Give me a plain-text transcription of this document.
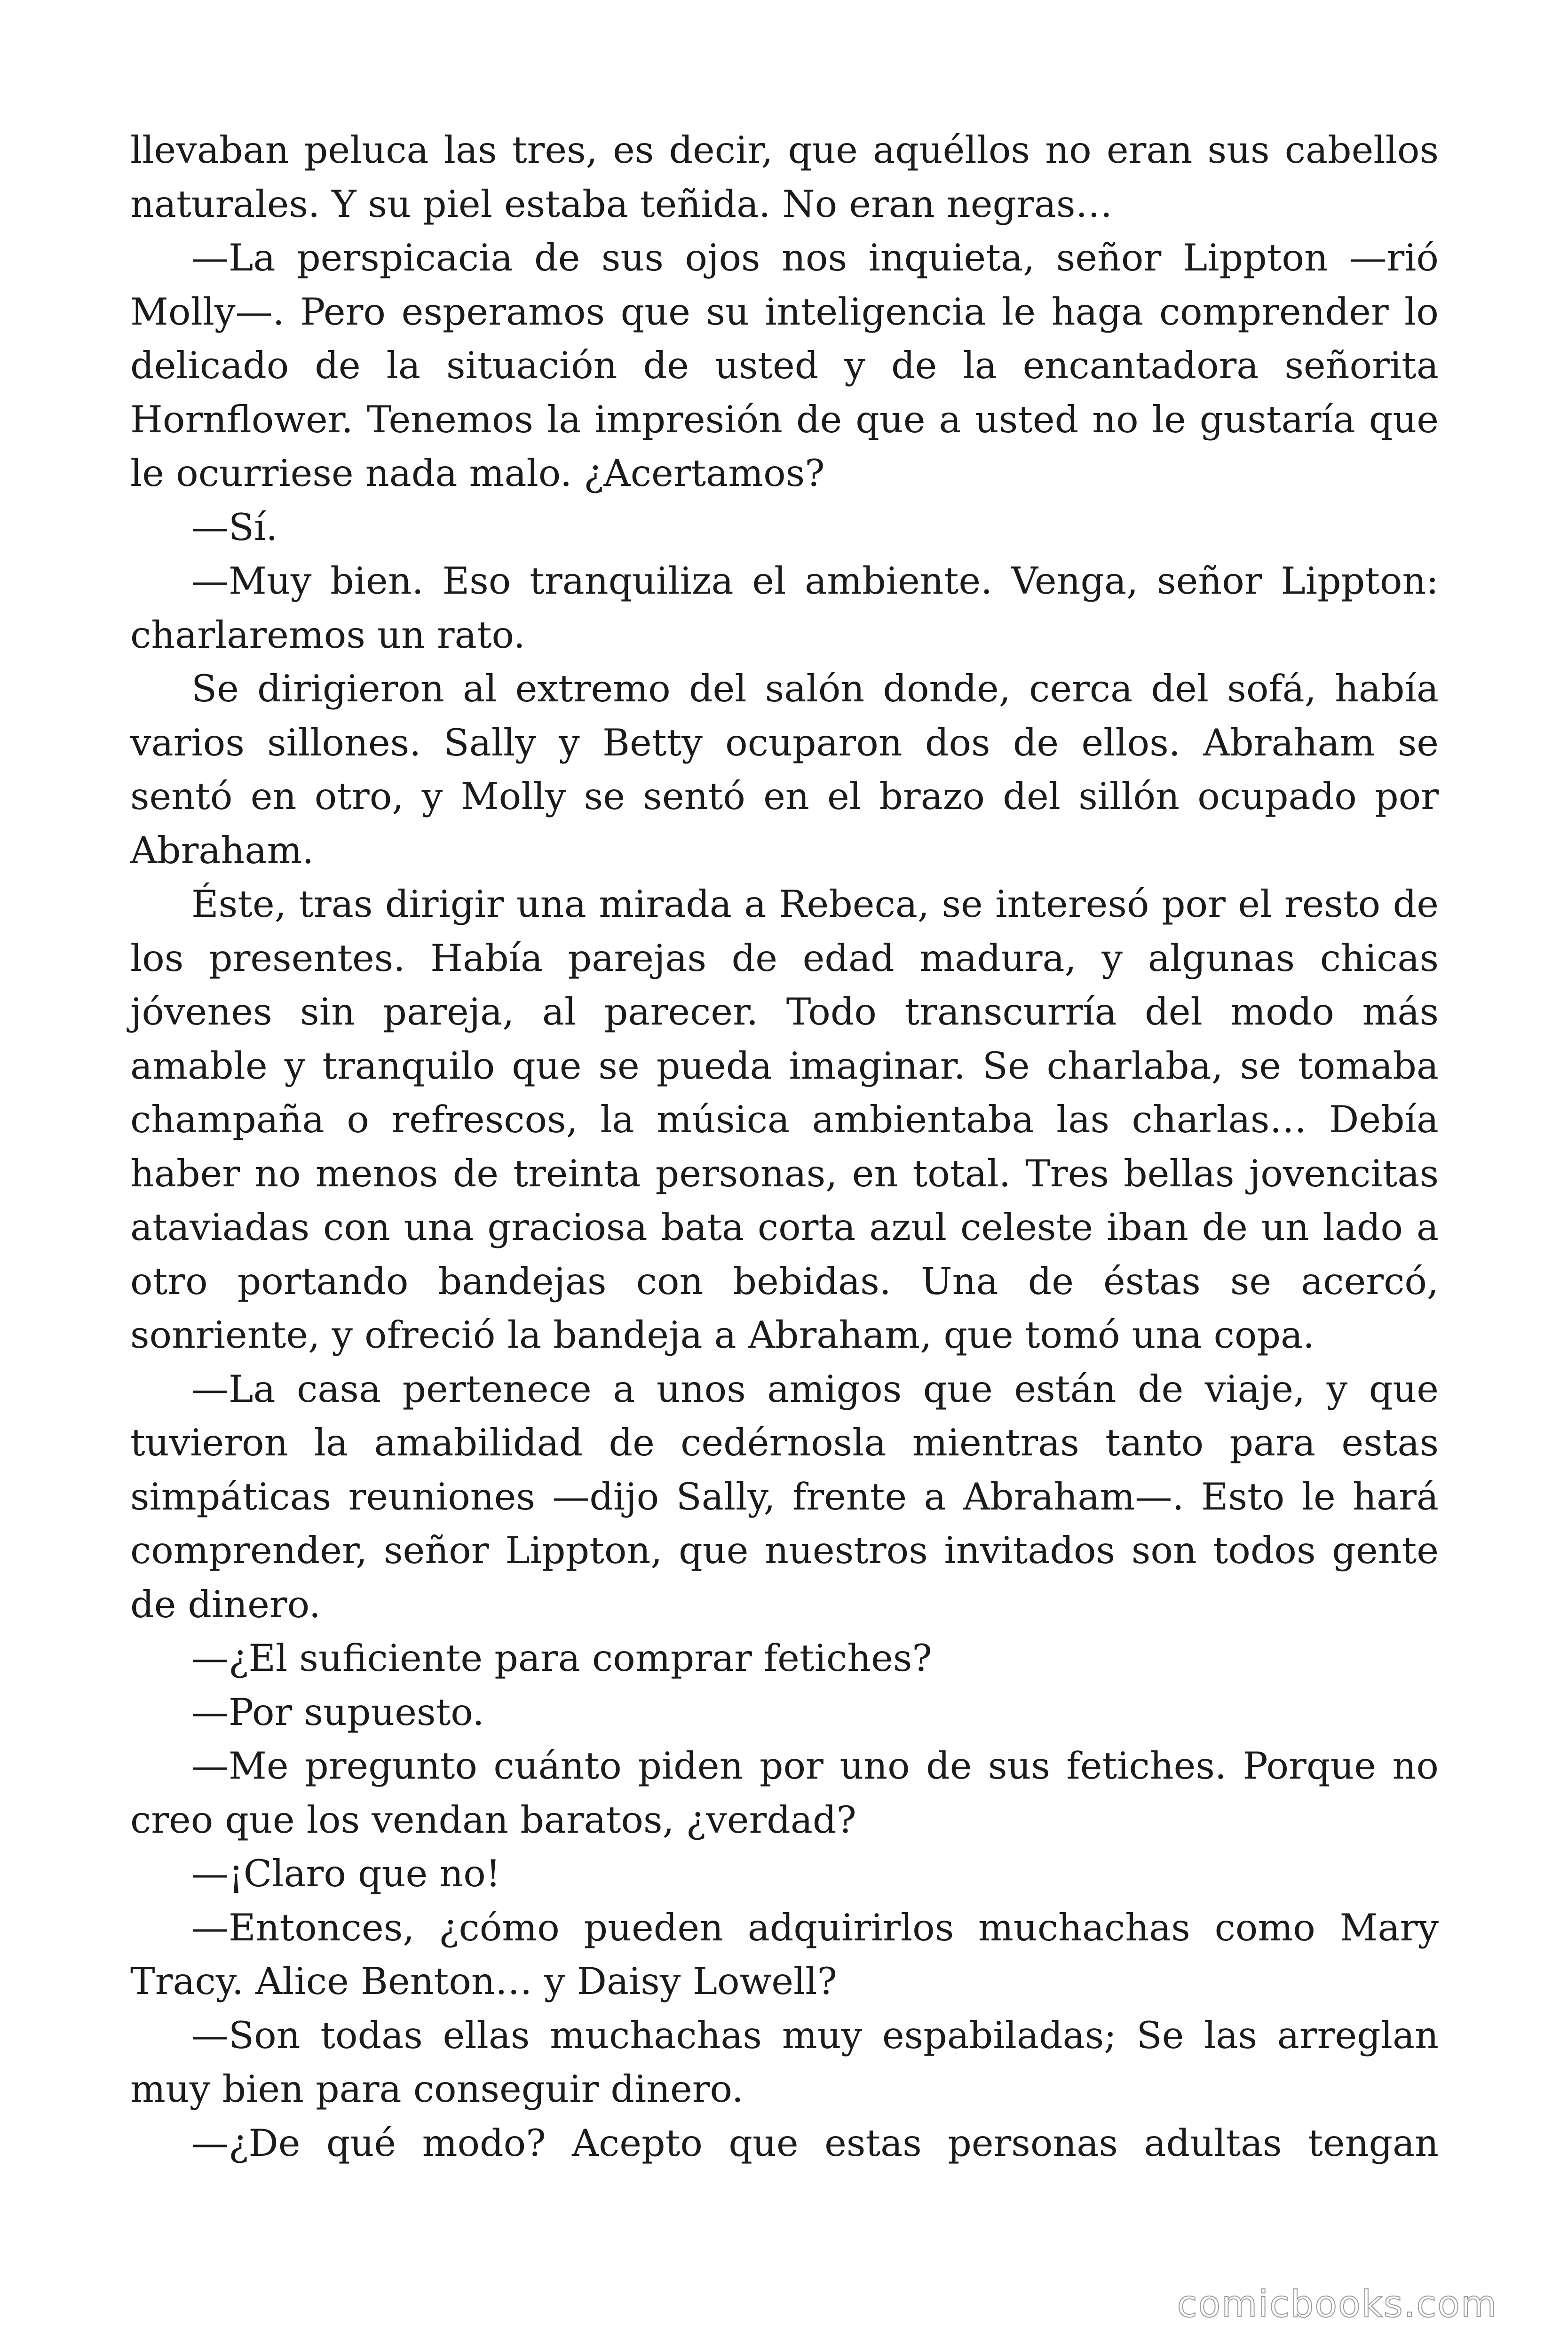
llevaban peluca las tres, es decir, que aquéllos no eran sus cabellos naturales. Y su piel estaba teñida. No eran negras…

—La perspicacia de sus ojos nos inquieta, señor Lippton —rió Molly—. Pero esperamos que su inteligencia le haga comprender lo delicado de la situación de usted y de la encantadora señorita Hornflower. Tenemos la impresión de que a usted no le gustaría que le ocurriese nada malo. ¿Acertamos?

—Sí.

—Muy bien. Eso tranquiliza el ambiente. Venga, señor Lippton: charlaremos un rato.

Se dirigieron al extremo del salón donde, cerca del sofá, había varios sillones. Sally y Betty ocuparon dos de ellos. Abraham se sentó en otro, y Molly se sentó en el brazo del sillón ocupado por Abraham.

Éste, tras dirigir una mirada a Rebeca, se interesó por el resto de los presentes. Había parejas de edad madura, y algunas chicas jóvenes sin pareja, al parecer. Todo transcurría del modo más amable y tranquilo que se pueda imaginar. Se charlaba, se tomaba champaña o refrescos, la música ambientaba las charlas… Debía haber no menos de treinta personas, en total. Tres bellas jovencitas ataviadas con una graciosa bata corta azul celeste iban de un lado a otro portando bandejas con bebidas. Una de éstas se acercó, sonriente, y ofreció la bandeja a Abraham, que tomó una copa.

—La casa pertenece a unos amigos que están de viaje, y que tuvieron la amabilidad de cedérnosla mientras tanto para estas simpáticas reuniones —dijo Sally, frente a Abraham—. Esto le hará comprender, señor Lippton, que nuestros invitados son todos gente de dinero.

—¿El suficiente para comprar fetiches?

—Por supuesto.

—Me pregunto cuánto piden por uno de sus fetiches. Porque no creo que los vendan baratos, ¿verdad?

—¡Claro que no!

—Entonces, ¿cómo pueden adquirirlos muchachas como Mary Tracy. Alice Benton… y Daisy Lowell?

—Son todas ellas muchachas muy espabiladas; Se las arreglan muy bien para conseguir dinero.

—¿De qué modo? Acepto que estas personas adultas tengan

comicbooks.com
